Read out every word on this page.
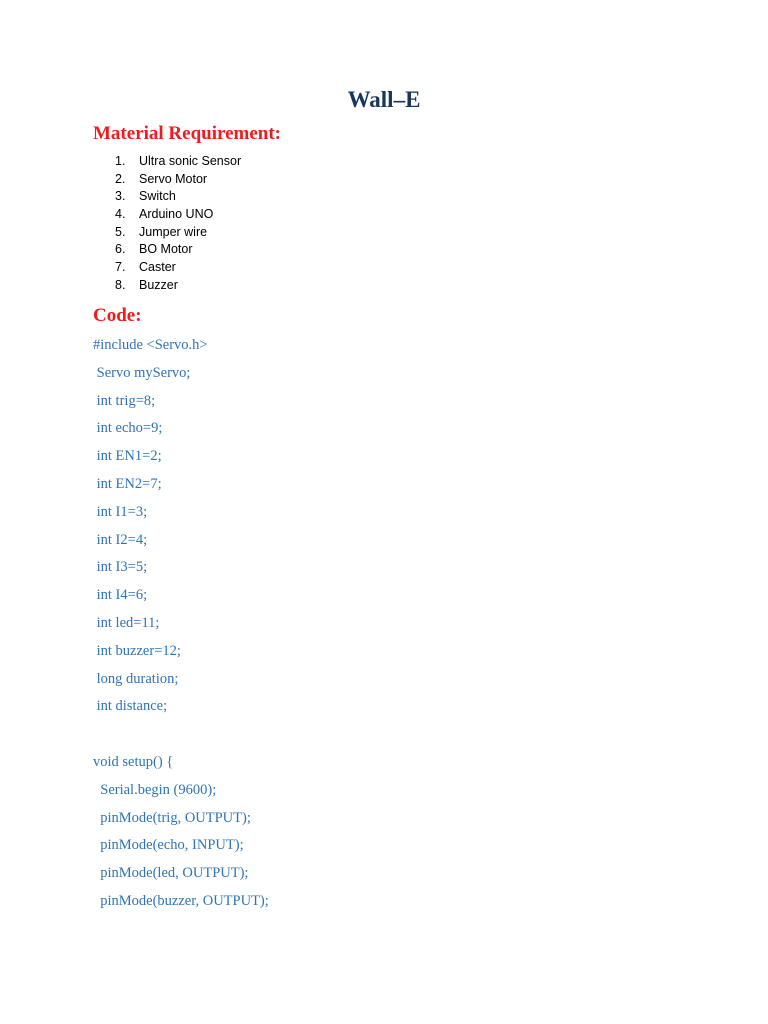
Wall–E
Material Requirement:
1.	Ultra sonic Sensor
2.	Servo Motor
3.	Switch
4.	Arduino UNO
5.	Jumper wire
6.	BO Motor
7.	Caster
8.	Buzzer
Code:
#include <Servo.h>
Servo myServo;
int trig=8;
int echo=9;
int EN1=2;
int EN2=7;
int I1=3;
int I2=4;
int I3=5;
int I4=6;
int led=11;
int buzzer=12;
long duration;
int distance;
void setup() {
Serial.begin (9600);
pinMode(trig, OUTPUT);
pinMode(echo, INPUT);
pinMode(led, OUTPUT);
pinMode(buzzer, OUTPUT);
